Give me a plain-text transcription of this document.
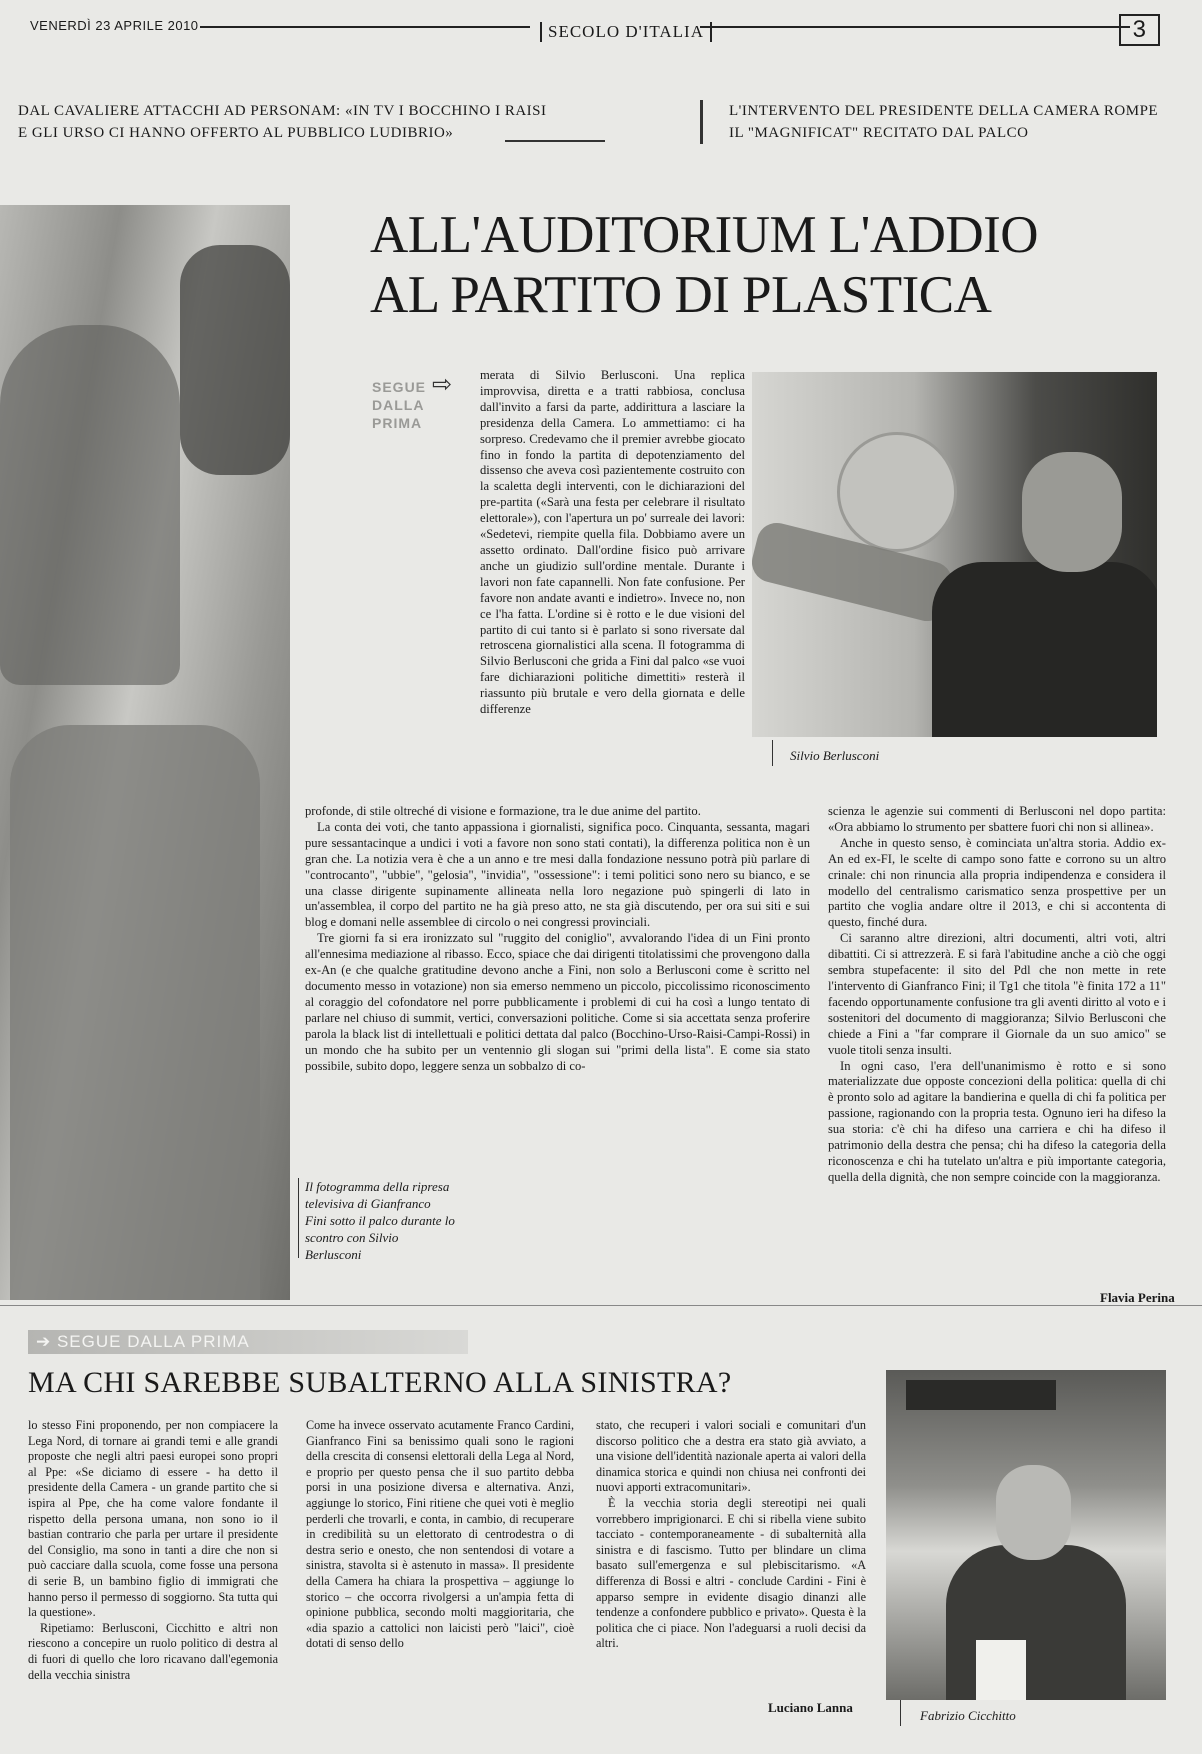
VENERDÌ 23 APRILE 2010	SECOLO D'ITALIA	3
DAL CAVALIERE ATTACCHI AD PERSONAM: «IN TV I BOCCHINO I RAISI E GLI URSO CI HANNO OFFERTO AL PUBBLICO LUDIBRIO»
L'INTERVENTO DEL PRESIDENTE DELLA CAMERA ROMPE IL "MAGNIFICAT" RECITATO DAL PALCO
Il fotogramma della ripresa televisiva di Gianfranco Fini sotto il palco durante lo scontro con Silvio Berlusconi
ALL'AUDITORIUM L'ADDIO
AL PARTITO DI PLASTICA
SEGUE
DALLA
PRIMA
⇨ merata di Silvio Berlusconi. Una replica improvvisa, diretta e a tratti rabbiosa, conclusa dall'invito a farsi da parte, addirittura a lasciare la presidenza della Camera. Lo ammettiamo: ci ha sorpreso. Credevamo che il premier avrebbe giocato fino in fondo la partita di depotenziamento del dissenso che aveva così pazientemente costruito con la scaletta degli interventi, con le dichiarazioni del pre-partita («Sarà una festa per celebrare il risultato elettorale»), con l'apertura un po' surreale dei lavori: «Sedetevi, riempite quella fila. Dobbiamo avere un assetto ordinato. Dall'ordine fisico può arrivare anche un giudizio sull'ordine mentale. Durante i lavori non fate capannelli. Non fate confusione. Per favore non andate avanti e indietro». Invece no, non ce l'ha fatta. L'ordine si è rotto e le due visioni del partito di cui tanto si è parlato si sono riversate dal retroscena giornalistici alla scena. Il fotogramma di Silvio Berlusconi che grida a Fini dal palco «se vuoi fare dichiarazioni politiche dimettiti» resterà il riassunto più brutale e vero della giornata e delle differenze

Silvio Berlusconi

profonde, di stile oltreché di visione e formazione, tra le due anime del partito.

La conta dei voti, che tanto appassiona i giornalisti, significa poco. Cinquanta, sessanta, magari pure sessantacinque a undici i voti a favore non sono stati contati), la differenza politica non è un gran che. La notizia vera è che a un anno e tre mesi dalla fondazione nessuno potrà più parlare di "controcanto", "ubbie", "gelosia", "invidia", "ossessione": i temi politici sono nero su bianco, e se una classe dirigente supinamente allineata nella loro negazione può spingerli di lato in un'assemblea, il corpo del partito ne ha già preso atto, ne sta già discutendo, per ora sui siti e sui blog e domani nelle assemblee di circolo o nei congressi provinciali.

Tre giorni fa si era ironizzato sul "ruggito del coniglio", avvalorando l'idea di un Fini pronto all'ennesima mediazione al ribasso. Ecco, spiace che dai dirigenti titolatissimi che provengono dalla ex-An (e che qualche gratitudine devono anche a Fini, non solo a Berlusconi come è scritto nel documento messo in votazione) non sia emerso nemmeno un piccolo, piccolissimo riconoscimento al coraggio del cofondatore nel porre pubblicamente i problemi di cui ha così a lungo tentato di parlare nel chiuso di summit, vertici, conversazioni politiche. Come si sia accettata senza proferire parola la black list di intellettuali e politici dettata dal palco (Bocchino-Urso-Raisi-Campi-Rossi) in un mondo che ha subito per un ventennio gli slogan sui "primi della lista". E come sia stato possibile, subito dopo, leggere senza un sobbalzo di co-

scienza le agenzie sui commenti di Berlusconi nel dopo partita: «Ora abbiamo lo strumento per sbattere fuori chi non si allinea».

Anche in questo senso, è cominciata un'altra storia. Addio ex-An ed ex-FI, le scelte di campo sono fatte e corrono su un altro crinale: chi non rinuncia alla propria indipendenza e considera il modello del centralismo carismatico senza prospettive per un partito che voglia andare oltre il 2013, e chi si accontenta di questo, finché dura.

Ci saranno altre direzioni, altri documenti, altri voti, altri dibattiti. Ci si attrezzerà. E si farà l'abitudine anche a ciò che oggi sembra stupefacente: il sito del Pdl che non mette in rete l'intervento di Gianfranco Fini; il Tg1 che titola "è finita 172 a 11" facendo opportunamente confusione tra gli aventi diritto al voto e i sostenitori del documento di maggioranza; Silvio Berlusconi che chiede a Fini a "far comprare il Giornale da un suo amico" se vuole titoli senza insulti.

In ogni caso, l'era dell'unanimismo è rotto e si sono materializzate due opposte concezioni della politica: quella di chi è pronto solo ad agitare la bandierina e quella di chi fa politica per passione, ragionando con la propria testa. Ognuno ieri ha difeso la sua storia: c'è chi ha difeso una carriera e chi ha difeso il patrimonio della destra che pensa; chi ha difeso la categoria della riconoscenza e chi ha tutelato un'altra e più importante categoria, quella della dignità, che non sempre coincide con la maggioranza.

Flavia Perina
➔ SEGUE DALLA PRIMA
MA CHI SAREBBE SUBALTERNO ALLA SINISTRA?

lo stesso Fini proponendo, per non compiacere la Lega Nord, di tornare ai grandi temi e alle grandi proposte che negli altri paesi europei sono propri al Ppe: «Se diciamo di essere - ha detto il presidente della Camera - un grande partito che si ispira al Ppe, che ha come valore fondante il rispetto della persona umana, non sono io il bastian contrario che parla per urtare il presidente del Consiglio, ma sono in tanti a dire che non si può cacciare dalla scuola, come fosse una persona di serie B, un bambino figlio di immigrati che hanno perso il permesso di soggiorno. Sta tutta qui la questione».

Ripetiamo: Berlusconi, Cicchitto e altri non riescono a concepire un ruolo politico di destra al di fuori di quello che loro ricavano dall'egemonia della vecchia sinistra

Come ha invece osservato acutamente Franco Cardini, Gianfranco Fini sa benissimo quali sono le ragioni della crescita di consensi elettorali della Lega al Nord, e proprio per questo pensa che il suo partito debba porsi in una posizione diversa e alternativa. Anzi, aggiunge lo storico, Fini ritiene che quei voti è meglio perderli che trovarli, e conta, in cambio, di recuperare in credibilità su un elettorato di centrodestra o di destra serio e onesto, che non sentendosi di votare a sinistra, stavolta si è astenuto in massa». Il presidente della Camera ha chiara la prospettiva – aggiunge lo storico – che occorra rivolgersi a un'ampia fetta di opinione pubblica, secondo molti maggioritaria, che «dia spazio a cattolici non laicisti però "laici", cioè dotati di senso dello

stato, che recuperi i valori sociali e comunitari d'un discorso politico che a destra era stato già avviato, a una visione dell'identità nazionale aperta ai valori della dinamica storica e quindi non chiusa nei confronti dei nuovi apporti extracomunitari».

È la vecchia storia degli stereotipi nei quali vorrebbero imprigionarci. E chi si ribella viene subito tacciato - contemporaneamente - di subalternità alla sinistra e di fascismo. Tutto per blindare un clima basato sull'emergenza e sul plebiscitarismo. «A differenza di Bossi e altri - conclude Cardini - Fini è apparso sempre in evidente disagio dinanzi alle tendenze a confondere pubblico e privato». Questa è la politica che ci piace. Non l'adeguarsi a ruoli decisi da altri.

Luciano Lanna
Fabrizio Cicchitto
